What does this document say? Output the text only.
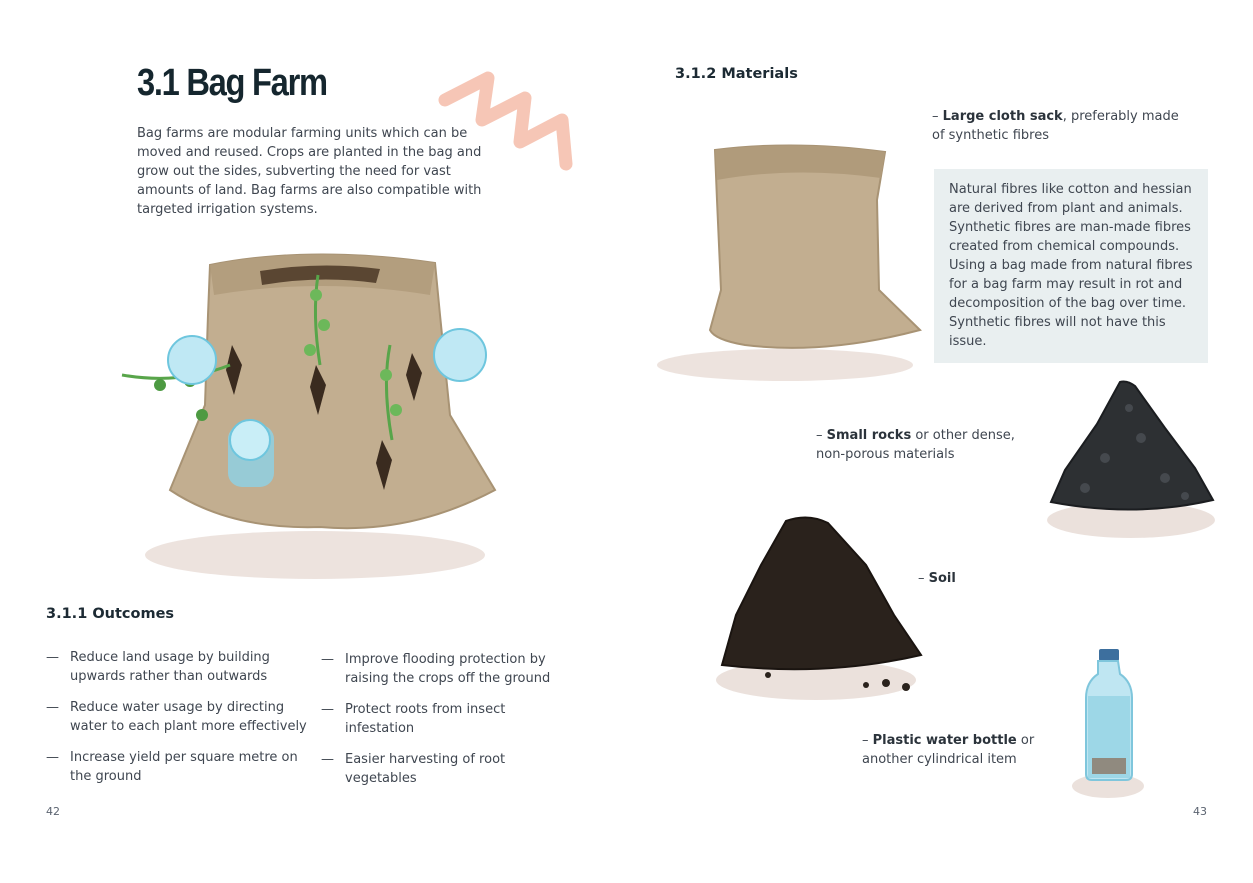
3.1 Bag Farm
Bag farms are modular farming units which can be moved and reused. Crops are planted in the bag and grow out the sides, subverting the need for vast amounts of land. Bag farms are also compatible with targeted irrigation systems.
3.1.1 Outcomes
— Reduce land usage by building upwards rather than outwards
— Reduce water usage by directing water to each plant more effectively
— Increase yield per square metre on the ground
— Improve flooding protection by raising the crops off the ground
— Protect roots from insect infestation
— Easier harvesting of root vegetables
42
3.1.2 Materials
– Large cloth sack, preferably made of synthetic fibres
Natural fibres like cotton and hessian are derived from plant and animals. Synthetic fibres are man-made fibres created from chemical compounds. Using a bag made from natural fibres for a bag farm may result in rot and decomposition of the bag over time. Synthetic fibres will not have this issue.
– Small rocks or other dense, non-porous materials
– Soil
– Plastic water bottle or another cylindrical item
43
